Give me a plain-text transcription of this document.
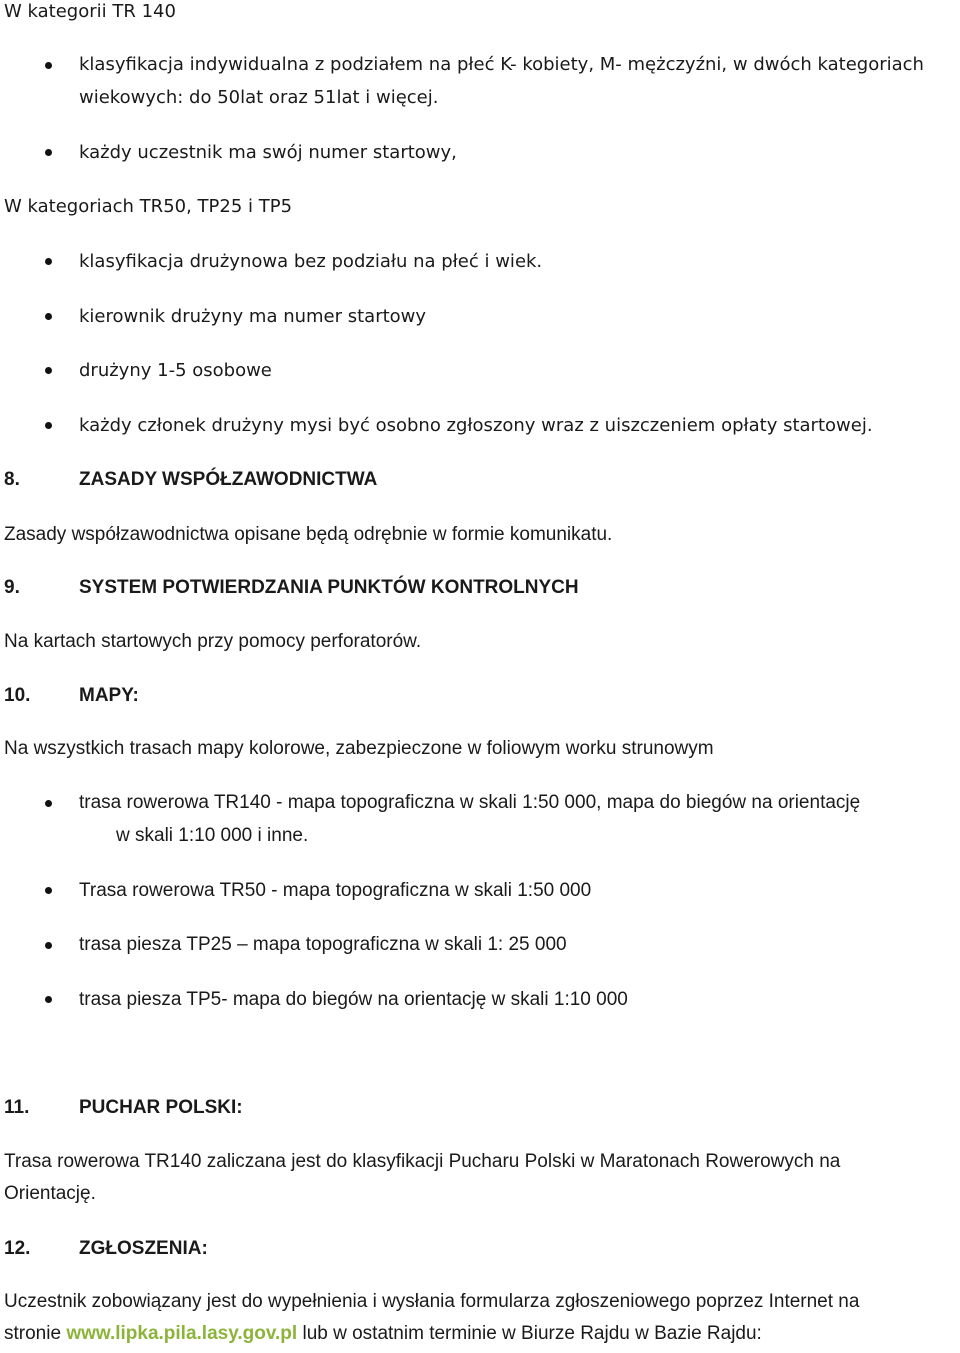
W kategorii TR 140
klasyfikacja indywidualna z podziałem na płeć K- kobiety, M- mężczyźni, w dwóch kategoriach
wiekowych: do 50lat oraz 51lat i więcej.
każdy uczestnik ma swój numer startowy,
W kategoriach TR50, TP25 i TP5
klasyfikacja drużynowa bez podziału na płeć i wiek.
kierownik drużyny ma numer startowy
drużyny 1-5 osobowe
każdy członek drużyny mysi być osobno zgłoszony wraz z uiszczeniem opłaty startowej.
8.	ZASADY WSPÓŁZAWODNICTWA
Zasady współzawodnictwa opisane będą odrębnie w formie komunikatu.
9.	SYSTEM POTWIERDZANIA PUNKTÓW KONTROLNYCH
Na kartach startowych przy pomocy perforatorów.
10.	MAPY:
Na wszystkich trasach mapy kolorowe, zabezpieczone w foliowym worku strunowym
trasa rowerowa TR140 - mapa topograficzna w skali 1:50 000, mapa do biegów na orientację
w skali 1:10 000 i inne.
Trasa rowerowa TR50 - mapa topograficzna w skali 1:50 000
trasa piesza TP25 – mapa topograficzna w skali 1: 25 000
trasa piesza TP5- mapa do biegów na orientację w skali 1:10 000
11.	PUCHAR POLSKI:
Trasa rowerowa TR140 zaliczana jest do klasyfikacji Pucharu Polski w Maratonach Rowerowych na
Orientację.
12.	ZGŁOSZENIA:
Uczestnik zobowiązany jest do wypełnienia i wysłania formularza zgłoszeniowego poprzez Internet na
stronie www.lipka.pila.lasy.gov.pl lub w ostatnim terminie w Biurze Rajdu w Bazie Rajdu:
